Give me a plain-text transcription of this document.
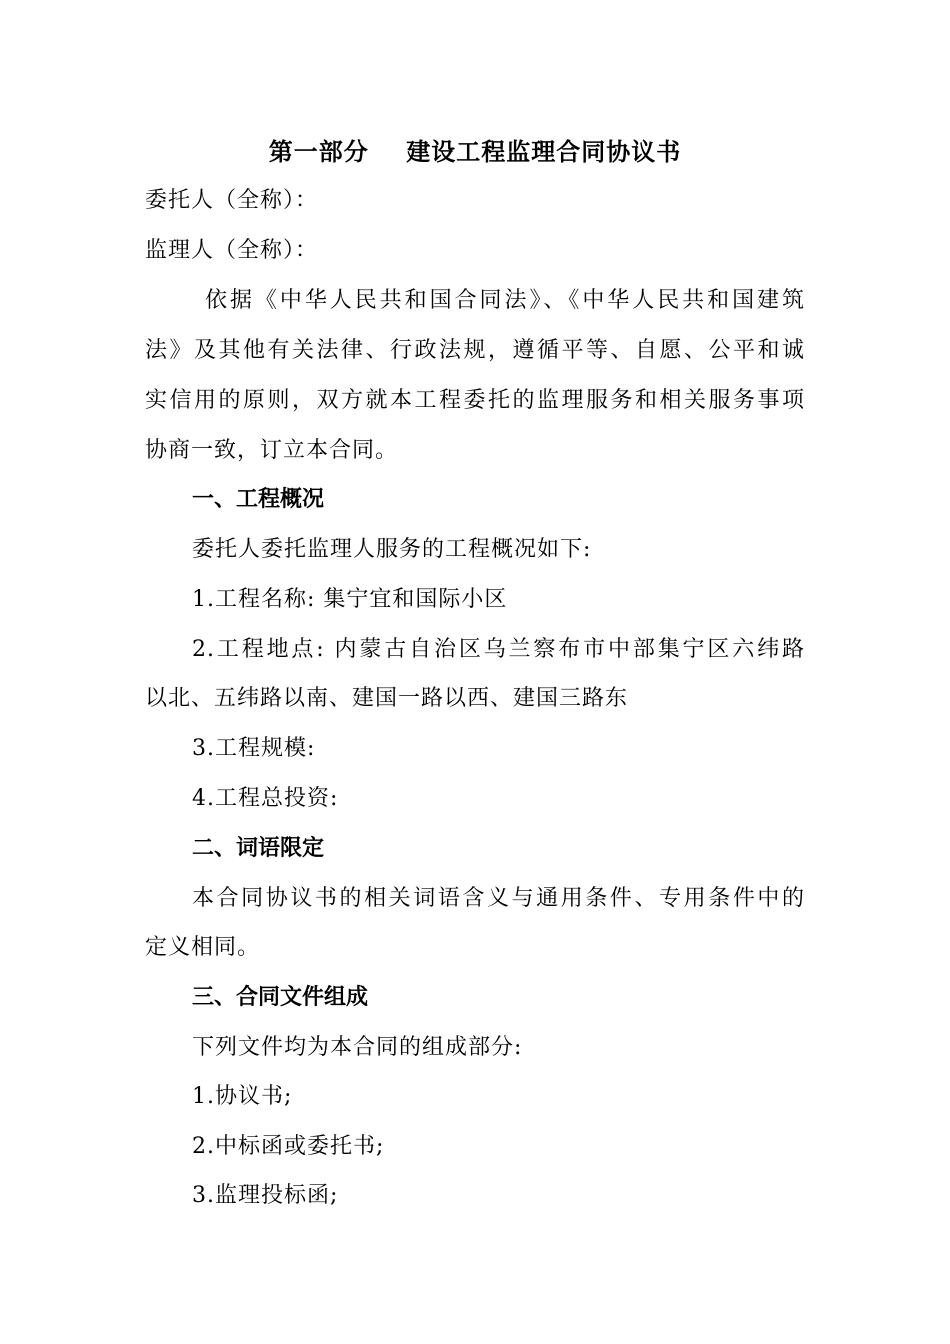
第一部分    建设工程监理合同协议书
委托人（全称）：
监理人（全称）：
依据《中华人民共和国合同法》、《中华人民共和国建筑
法》及其他有关法律、行政法规，遵循平等、自愿、公平和诚
实信用的原则，双方就本工程委托的监理服务和相关服务事项
协商一致，订立本合同。
一、工程概况
委托人委托监理人服务的工程概况如下:
1.工程名称: 集宁宜和国际小区
2.工程地点: 内蒙古自治区乌兰察布市中部集宁区六纬路
以北、五纬路以南、建国一路以西、建国三路东
3.工程规模:
4.工程总投资:
二、词语限定
本合同协议书的相关词语含义与通用条件、专用条件中的
定义相同。
三、合同文件组成
下列文件均为本合同的组成部分:
1.协议书;
2.中标函或委托书;
3.监理投标函;
